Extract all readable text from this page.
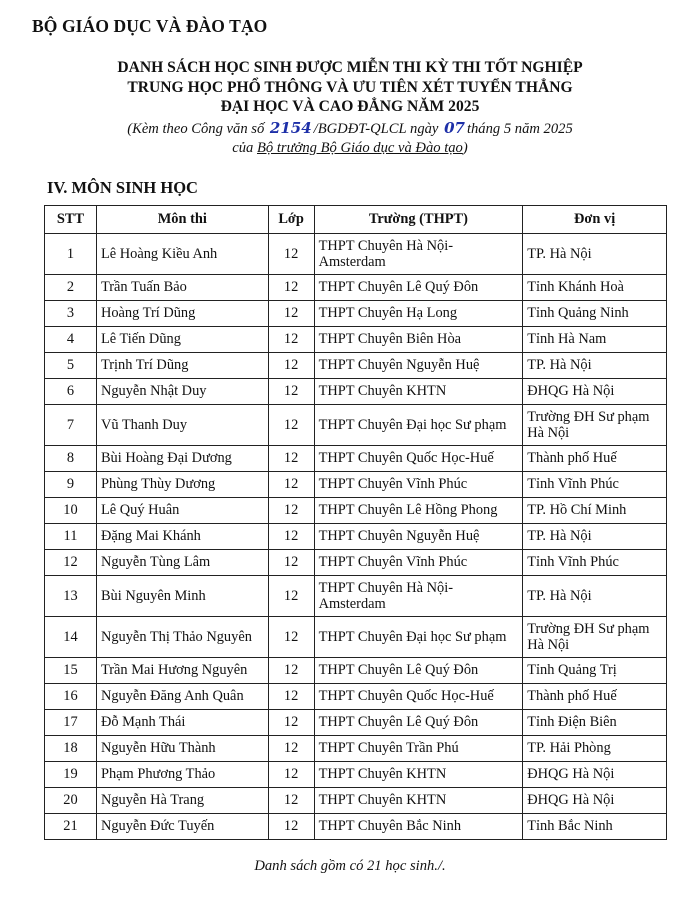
BỘ GIÁO DỤC VÀ ĐÀO TẠO
DANH SÁCH HỌC SINH ĐƯỢC MIỄN THI KỲ THI TỐT NGHIỆP
TRUNG HỌC PHỔ THÔNG VÀ ƯU TIÊN XÉT TUYỂN THẲNG
ĐẠI HỌC VÀ CAO ĐẲNG NĂM 2025
(Kèm theo Công văn số 2154 /BGDĐT-QLCL ngày 07 tháng 5 năm 2025
của Bộ trưởng Bộ Giáo dục và Đào tạo)
IV. MÔN SINH HỌC
STT	Môn thi	Lớp	Trường (THPT)	Đơn vị
1	Lê Hoàng Kiều Anh	12	THPT Chuyên Hà Nội-Amsterdam	TP. Hà Nội
2	Trần Tuấn Bảo	12	THPT Chuyên Lê Quý Đôn	Tỉnh Khánh Hoà
3	Hoàng Trí Dũng	12	THPT Chuyên Hạ Long	Tỉnh Quảng Ninh
4	Lê Tiến Dũng	12	THPT Chuyên Biên Hòa	Tỉnh Hà Nam
5	Trịnh Trí Dũng	12	THPT Chuyên Nguyễn Huệ	TP. Hà Nội
6	Nguyễn Nhật Duy	12	THPT Chuyên KHTN	ĐHQG Hà Nội
7	Vũ Thanh Duy	12	THPT Chuyên Đại học Sư phạm	Trường ĐH Sư phạm Hà Nội
8	Bùi Hoàng Đại Dương	12	THPT Chuyên Quốc Học-Huế	Thành phố Huế
9	Phùng Thùy Dương	12	THPT Chuyên Vĩnh Phúc	Tỉnh Vĩnh Phúc
10	Lê Quý Huân	12	THPT Chuyên Lê Hồng Phong	TP. Hồ Chí Minh
11	Đặng Mai Khánh	12	THPT Chuyên Nguyễn Huệ	TP. Hà Nội
12	Nguyễn Tùng Lâm	12	THPT Chuyên Vĩnh Phúc	Tỉnh Vĩnh Phúc
13	Bùi Nguyên Minh	12	THPT Chuyên Hà Nội-Amsterdam	TP. Hà Nội
14	Nguyễn Thị Thảo Nguyên	12	THPT Chuyên Đại học Sư phạm	Trường ĐH Sư phạm Hà Nội
15	Trần Mai Hương Nguyên	12	THPT Chuyên Lê Quý Đôn	Tỉnh Quảng Trị
16	Nguyễn Đăng Anh Quân	12	THPT Chuyên Quốc Học-Huế	Thành phố Huế
17	Đỗ Mạnh Thái	12	THPT Chuyên Lê Quý Đôn	Tỉnh Điện Biên
18	Nguyễn Hữu Thành	12	THPT Chuyên Trần Phú	TP. Hải Phòng
19	Phạm Phương Thảo	12	THPT Chuyên KHTN	ĐHQG Hà Nội
20	Nguyễn Hà Trang	12	THPT Chuyên KHTN	ĐHQG Hà Nội
21	Nguyễn Đức Tuyến	12	THPT Chuyên Bắc Ninh	Tỉnh Bắc Ninh
Danh sách gồm có 21 học sinh./.
